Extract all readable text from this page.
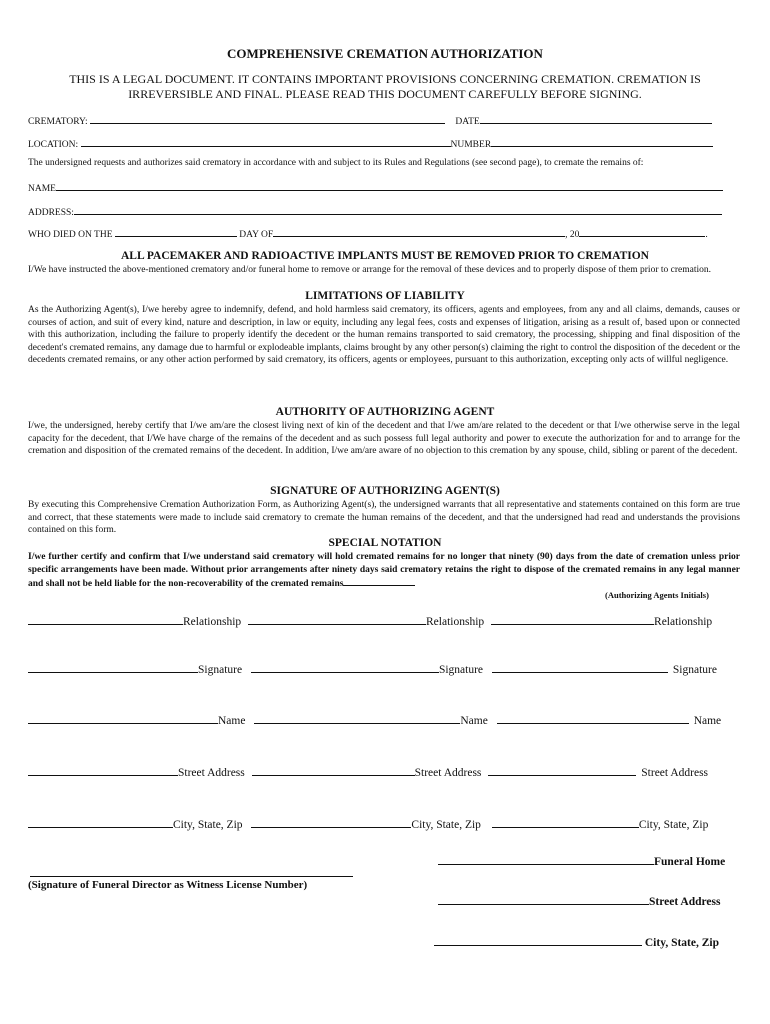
COMPREHENSIVE CREMATION AUTHORIZATION
THIS IS A LEGAL DOCUMENT. IT CONTAINS IMPORTANT PROVISIONS CONCERNING CREMATION. CREMATION IS IRREVERSIBLE AND FINAL. PLEASE READ THIS DOCUMENT CAREFULLY BEFORE SIGNING.
CREMATORY:	DATE
LOCATION:	NUMBER
The undersigned requests and authorizes said crematory in accordance with and subject to its Rules and Regulations (see second page), to cremate the remains of:
NAME
ADDRESS:
WHO DIED ON THE	DAY OF	, 20	.
ALL PACEMAKER AND RADIOACTIVE IMPLANTS MUST BE REMOVED PRIOR TO CREMATION
I/We have instructed the above-mentioned crematory and/or funeral home to remove or arrange for the removal of these devices and to properly dispose of them prior to cremation.
LIMITATIONS OF LIABILITY
As the Authorizing Agent(s), I/we hereby agree to indemnify, defend, and hold harmless said crematory, its officers, agents and employees, from any and all claims, demands, causes or courses of action, and suit of every kind, nature and description, in law or equity, including any legal fees, costs and expenses of litigation, arising as a result of, based upon or connected with this authorization, including the failure to properly identify the decedent or the human remains transported to said crematory, the processing, shipping and final disposition of the decedent's cremated remains, any damage due to harmful or explodeable implants, claims brought by any other person(s) claiming the right to control the disposition of the decedent or the decedents cremated remains, or any other action performed by said crematory, its officers, agents or employees, pursuant to this authorization, excepting only acts of willful negligence.
AUTHORITY OF AUTHORIZING AGENT
I/we, the undersigned, hereby certify that I/we am/are the closest living next of kin of the decedent and that I/we am/are related to the decedent or that I/we otherwise serve in the legal capacity for the decedent, that I/We have charge of the remains of the decedent and as such possess full legal authority and power to execute the authorization for and to arrange for the cremation and disposition of the cremated remains of the decedent. In addition, I/we am/are aware of no objection to this cremation by any spouse, child, sibling or parent of the decedent.
SIGNATURE OF AUTHORIZING AGENT(S)
By executing this Comprehensive Cremation Authorization Form, as Authorizing Agent(s), the undersigned warrants that all representative and statements contained on this form are true and correct, that these statements were made to include said crematory to cremate the human remains of the decedent, and that the undersigned had read and understands the provisions contained on this form.
SPECIAL NOTATION
I/we further certify and confirm that I/we understand said crematory will hold cremated remains for no longer that ninety (90) days from the date of cremation unless prior specific arrangements have been made. Without prior arrangements after ninety days said crematory retains the right to dispose of the cremated remains in any legal manner and shall not be held liable for the non-recoverability of the cremated remains
(Authorizing Agents Initials)
Relationship	Relationship	Relationship
Signature	Signature	Signature
Name	Name	Name
Street Address	Street Address	Street Address
City, State, Zip	City, State, Zip	City, State, Zip
Funeral Home
(Signature of Funeral Director as Witness License Number)
Street Address
City, State, Zip
